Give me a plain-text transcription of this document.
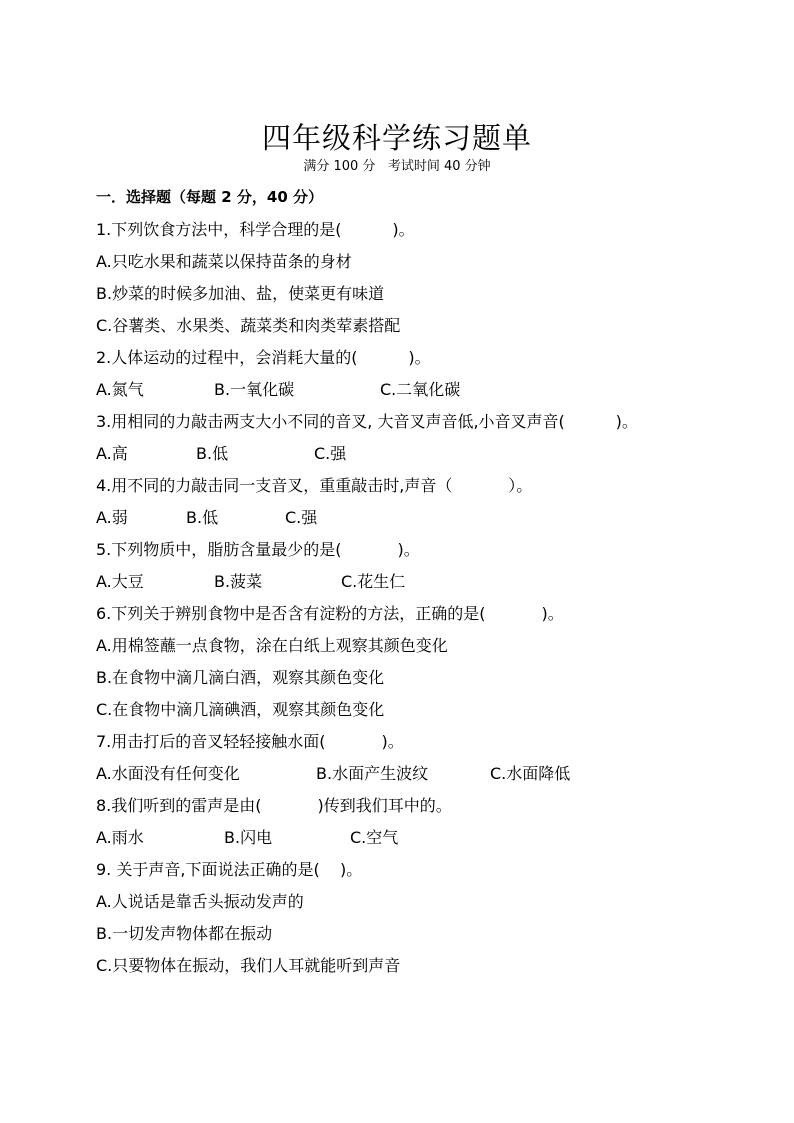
四年级科学练习题单
满分 100 分   考试时间 40 分钟
一．选择题（每题 2 分，40 分）
1.下列饮食方法中，科学合理的是(          )。
A.只吃水果和蔬菜以保持苗条的身材
B.炒菜的时候多加油、盐，使菜更有味道
C.谷薯类、水果类、蔬菜类和肉类荤素搭配
2.人体运动的过程中，会消耗大量的(          )。
A.氮气	B.一氧化碳	C.二氧化碳
3.用相同的力敲击两支大小不同的音叉, 大音叉声音低,小音叉声音(          )。
A.高	B.低	C.强
4.用不同的力敲击同一支音叉，重重敲击时,声音（           ）。
A.弱	B.低	C.强
5.下列物质中，脂肪含量最少的是(           )。
A.大豆	B.菠菜	C.花生仁
6.下列关于辨别食物中是否含有淀粉的方法，正确的是(           )。
A.用棉签蘸一点食物，涂在白纸上观察其颜色变化
B.在食物中滴几滴白酒，观察其颜色变化
C.在食物中滴几滴碘酒，观察其颜色变化
7.用击打后的音叉轻轻接触水面(           )。
A.水面没有任何变化	B.水面产生波纹	C.水面降低
8.我们听到的雷声是由(           )传到我们耳中的。
A.雨水	B.闪电	C.空气
9. 关于声音,下面说法正确的是(    )。
A.人说话是靠舌头振动发声的
B.一切发声物体都在振动
C.只要物体在振动，我们人耳就能听到声音
